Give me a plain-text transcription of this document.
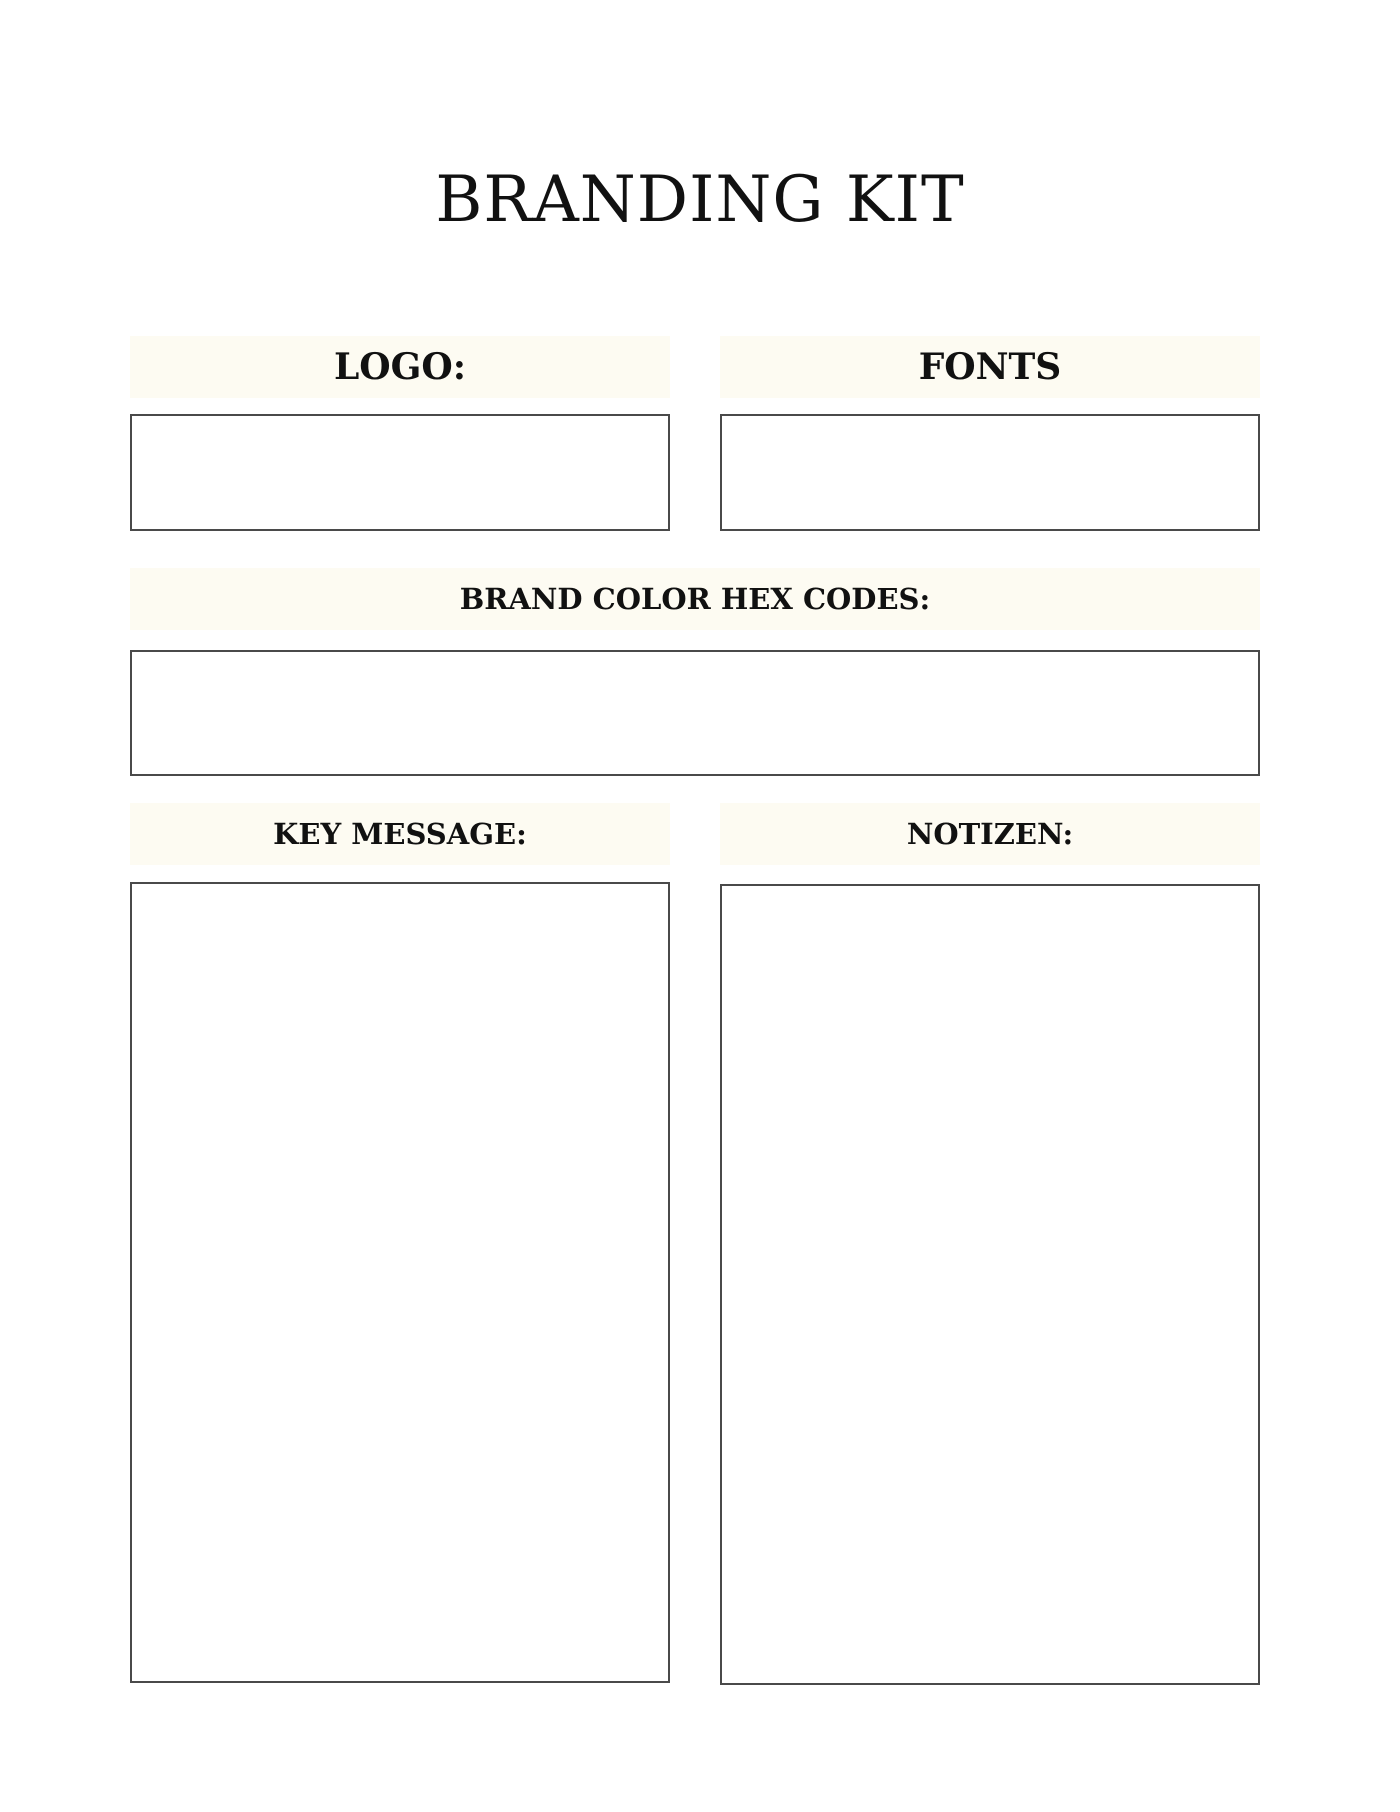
BRANDING KIT
LOGO:	FONTS
BRAND COLOR HEX CODES:
KEY MESSAGE:	NOTIZEN:
